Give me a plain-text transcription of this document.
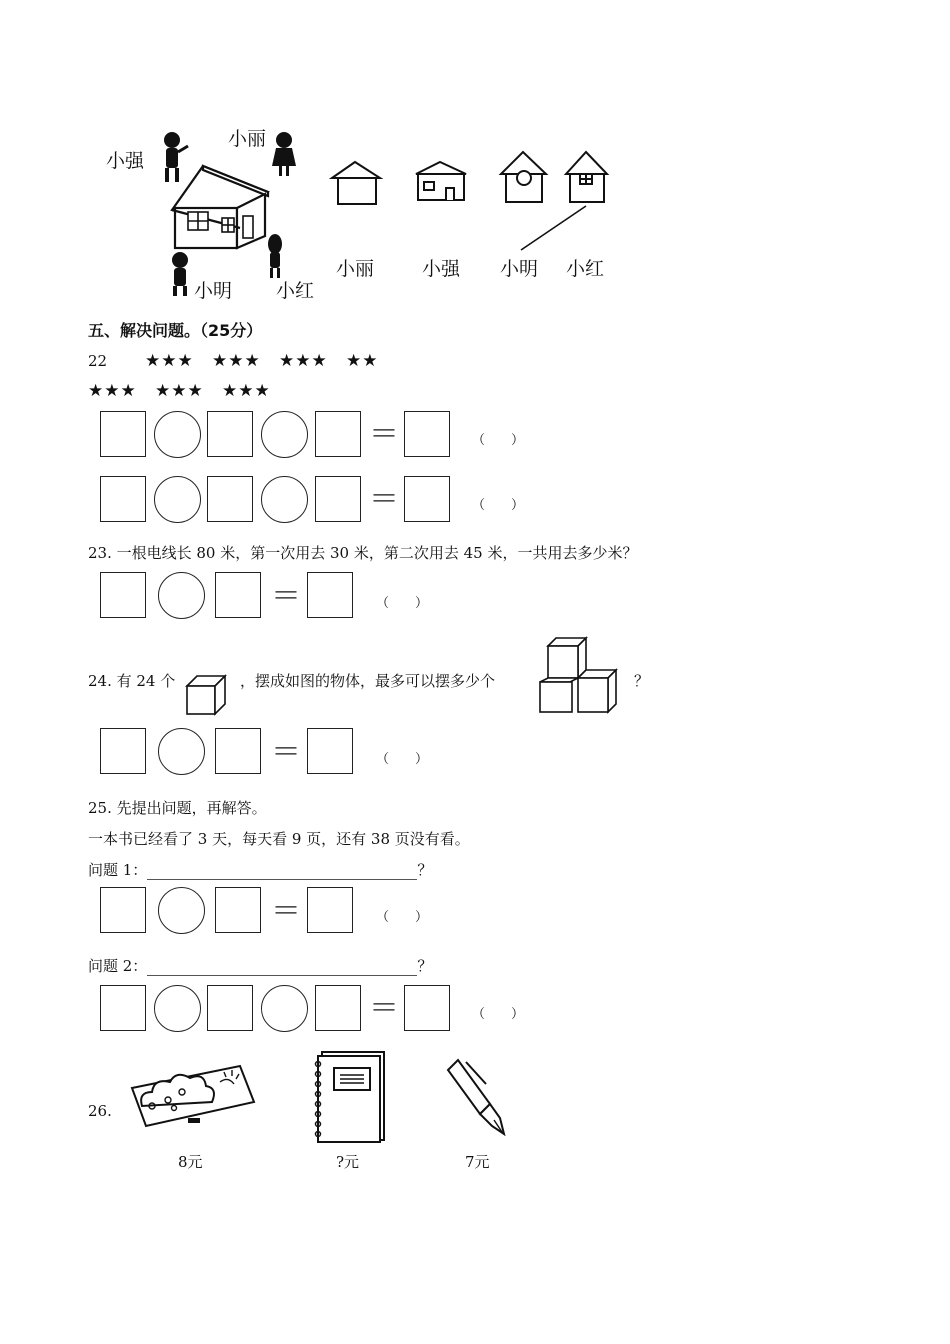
小强
小丽
小明 小红
小丽	小强 小明 小红
五、解决问题。（25分）
22 ★★★ ★★★ ★★★ ★★
★★★ ★★★ ★★★
＝	（　　）
＝	（　　）
23. 一根电线长 80 米，第一次用去 30 米，第二次用去 45 米，一共用去多少米？
＝	（　　）
24. 有 24 个	，摆成如图的物体，最多可以摆多少个	？
＝	（　　）
25. 先提出问题，再解答。
一本书已经看了 3 天，每天看 9 页，还有 38 页没有看。
问题 1：	？
＝	（　　）
问题 2：	？
＝	（　　）
26.
8元	?元	7元
